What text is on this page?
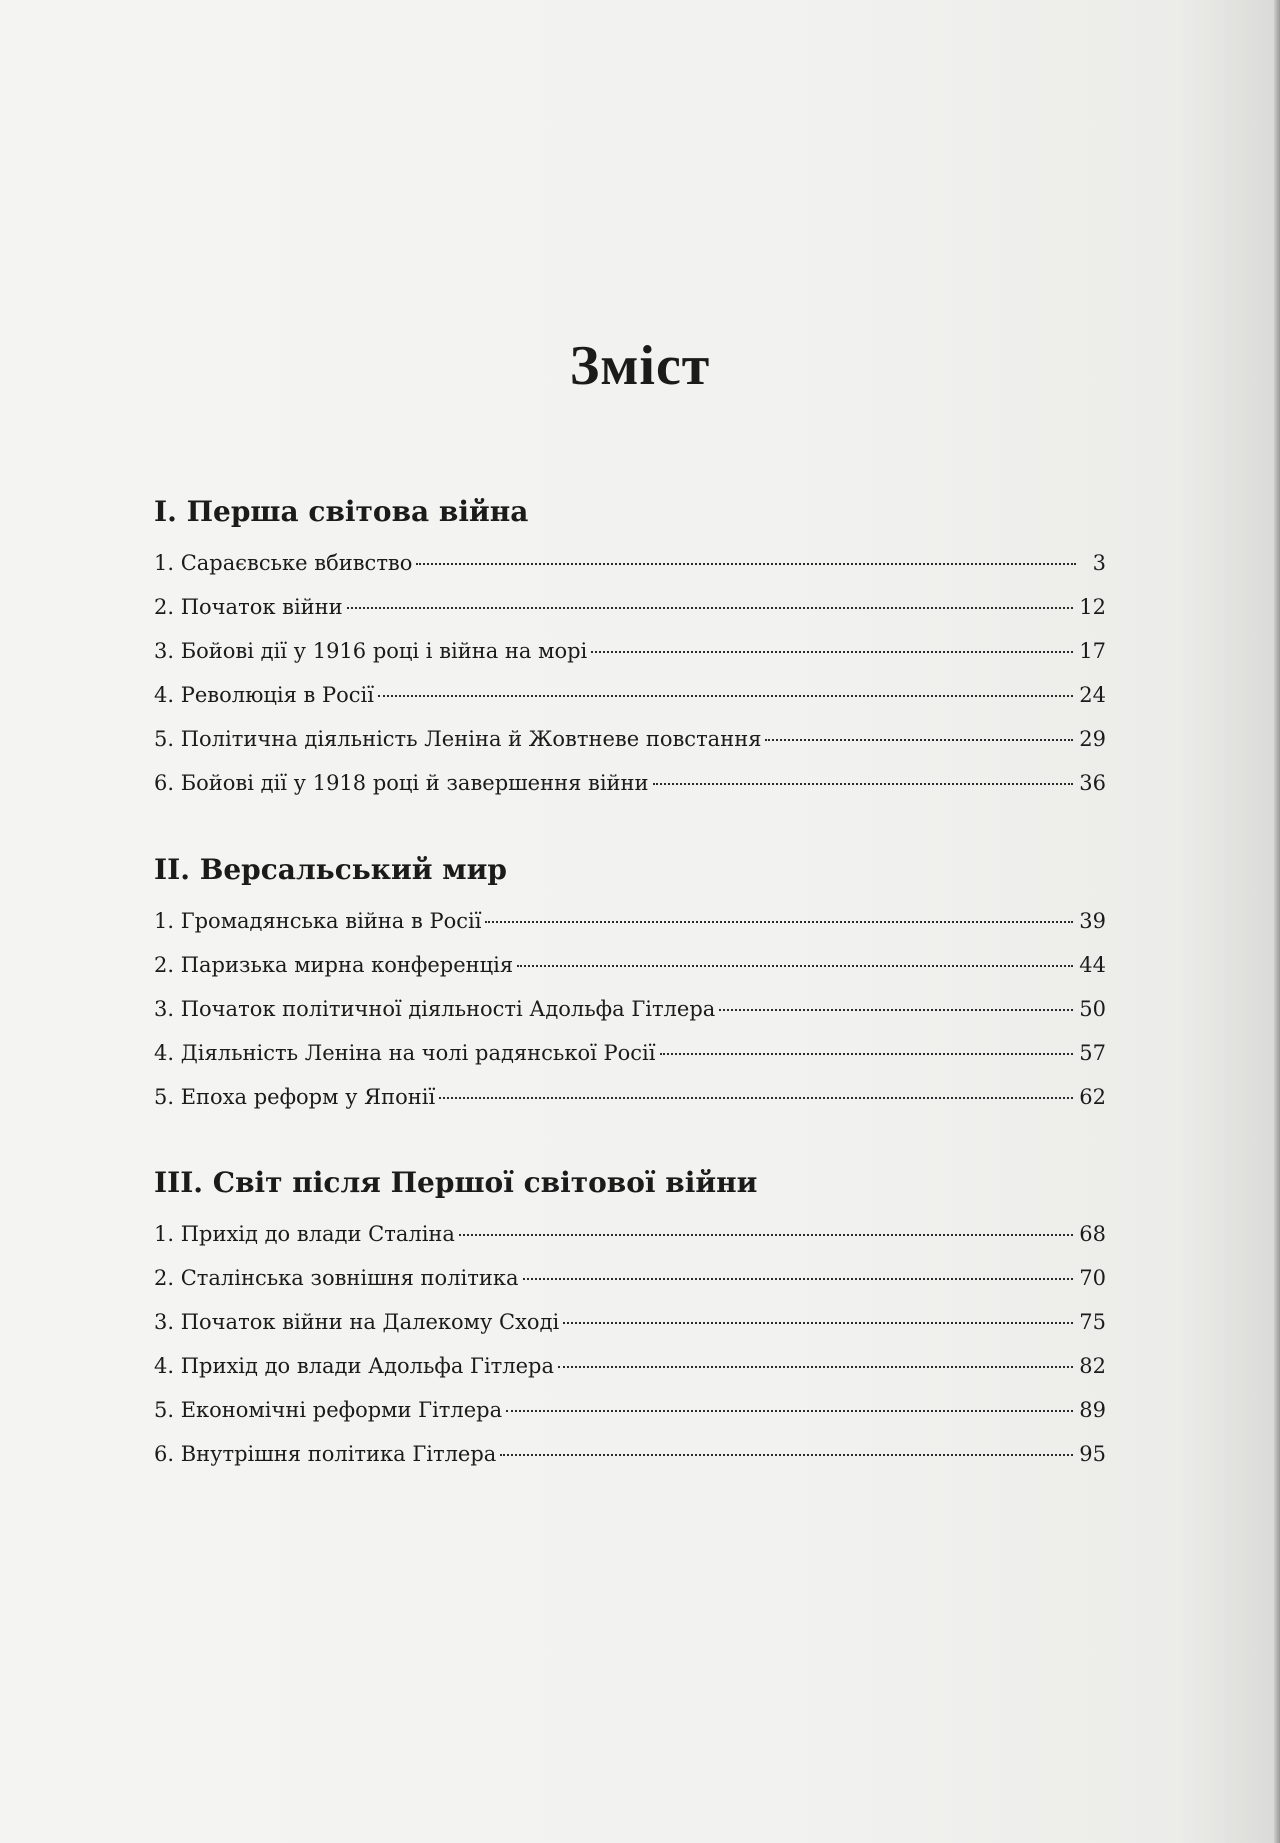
Зміст
I. Перша світова війна
1. Сараєвське вбивство	3
2. Початок війни	12
3. Бойові дії у 1916 році і війна на морі	17
4. Революція в Росії	24
5. Політична діяльність Леніна й Жовтневе повстання	29
6. Бойові дії у 1918 році й завершення війни	36
II. Версальський мир
1. Громадянська війна в Росії	39
2. Паризька мирна конференція	44
3. Початок політичної діяльності Адольфа Гітлера	50
4. Діяльність Леніна на чолі радянської Росії	57
5. Епоха реформ у Японії	62
III. Світ після Першої світової війни
1. Прихід до влади Сталіна	68
2. Сталінська зовнішня політика	70
3. Початок війни на Далекому Сході	75
4. Прихід до влади Адольфа Гітлера	82
5. Економічні реформи Гітлера	89
6. Внутрішня політика Гітлера	95
